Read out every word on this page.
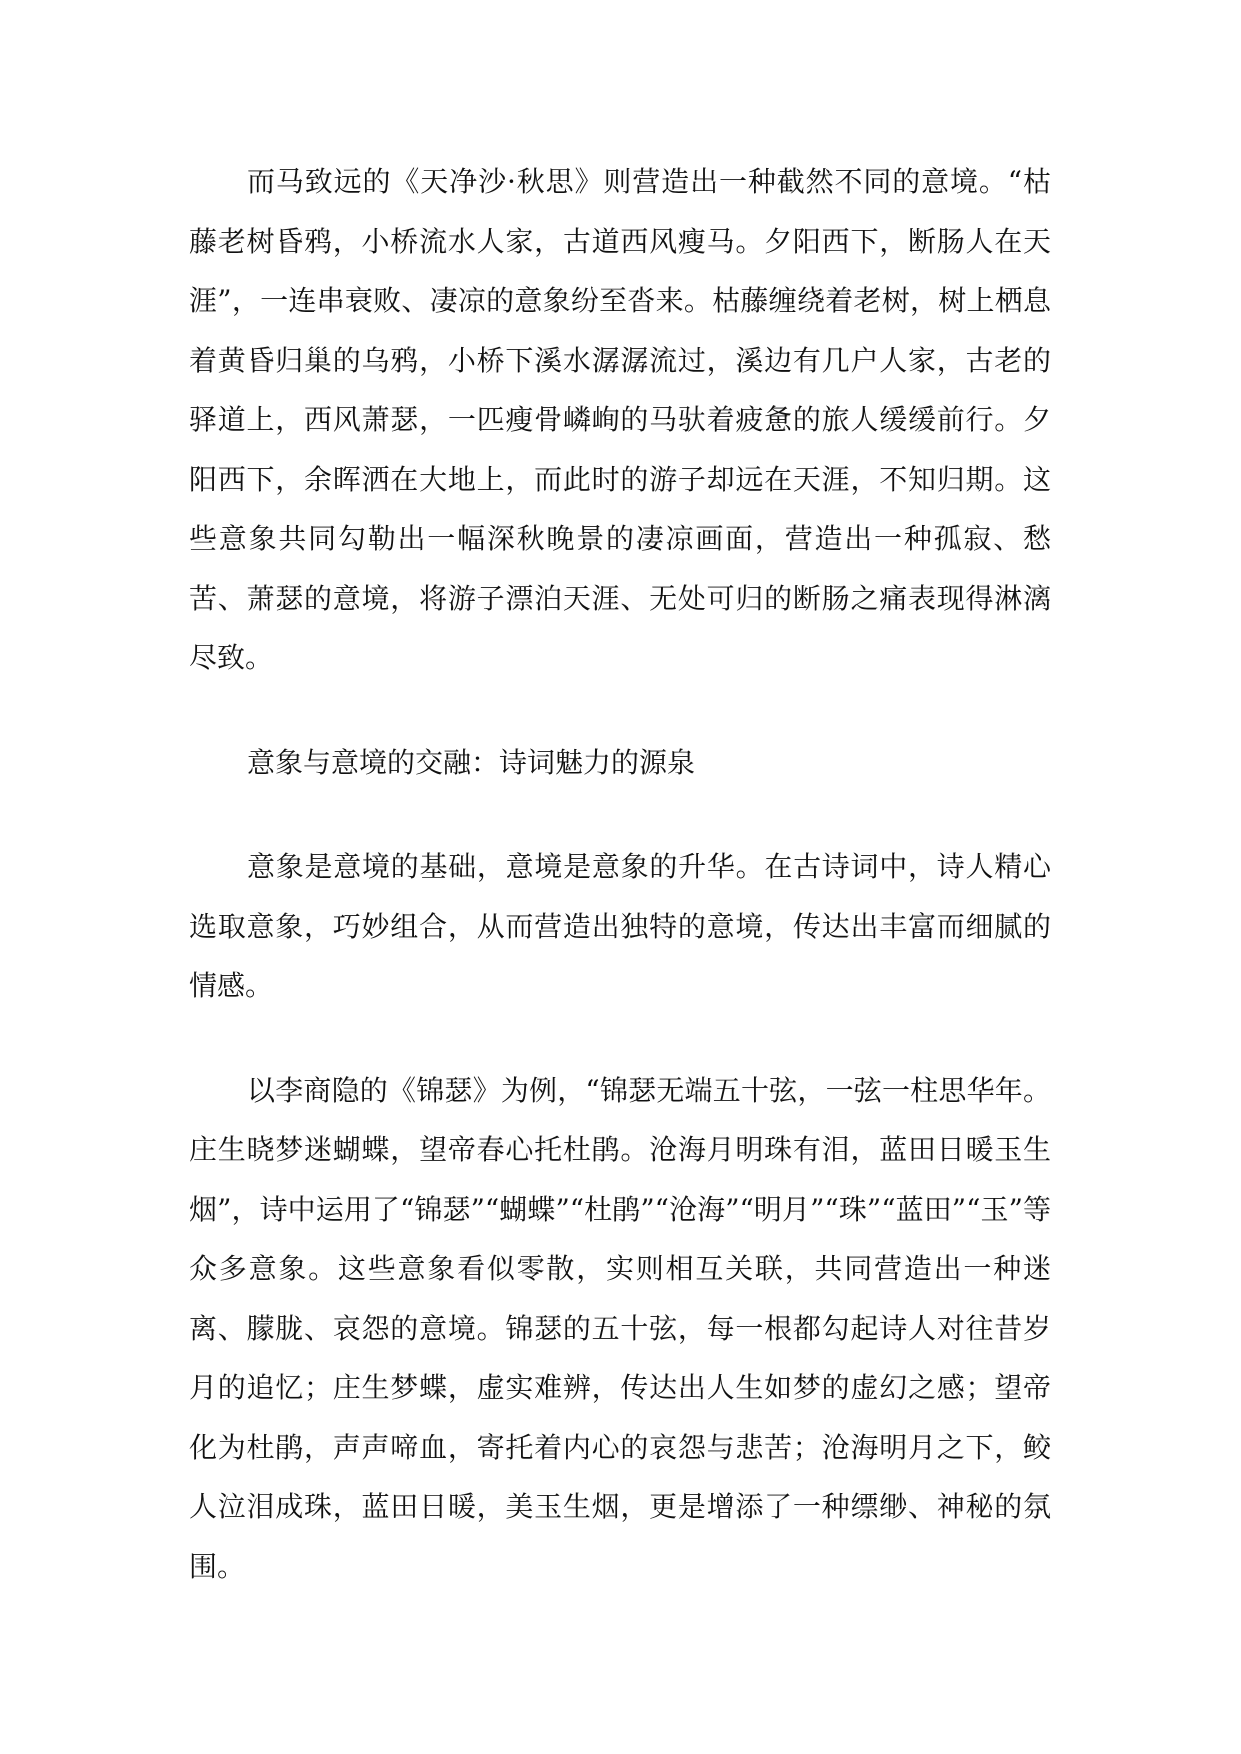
而马致远的《天净沙·秋思》则营造出一种截然不同的意境。“枯藤老树昏鸦，小桥流水人家，古道西风瘦马。夕阳西下，断肠人在天涯”，一连串衰败、凄凉的意象纷至沓来。枯藤缠绕着老树，树上栖息着黄昏归巢的乌鸦，小桥下溪水潺潺流过，溪边有几户人家，古老的驿道上，西风萧瑟，一匹瘦骨嶙峋的马驮着疲惫的旅人缓缓前行。夕阳西下，余晖洒在大地上，而此时的游子却远在天涯，不知归期。这些意象共同勾勒出一幅深秋晚景的凄凉画面，营造出一种孤寂、愁苦、萧瑟的意境，将游子漂泊天涯、无处可归的断肠之痛表现得淋漓尽致。

意象与意境的交融：诗词魅力的源泉

意象是意境的基础，意境是意象的升华。在古诗词中，诗人精心选取意象，巧妙组合，从而营造出独特的意境，传达出丰富而细腻的情感。

以李商隐的《锦瑟》为例，“锦瑟无端五十弦，一弦一柱思华年。庄生晓梦迷蝴蝶，望帝春心托杜鹃。沧海月明珠有泪，蓝田日暖玉生烟”，诗中运用了“锦瑟”“蝴蝶”“杜鹃”“沧海”“明月”“珠”“蓝田”“玉”等众多意象。这些意象看似零散，实则相互关联，共同营造出一种迷离、朦胧、哀怨的意境。锦瑟的五十弦，每一根都勾起诗人对往昔岁月的追忆；庄生梦蝶，虚实难辨，传达出人生如梦的虚幻之感；望帝化为杜鹃，声声啼血，寄托着内心的哀怨与悲苦；沧海明月之下，鲛人泣泪成珠，蓝田日暖，美玉生烟，更是增添了一种缥缈、神秘的氛围。
